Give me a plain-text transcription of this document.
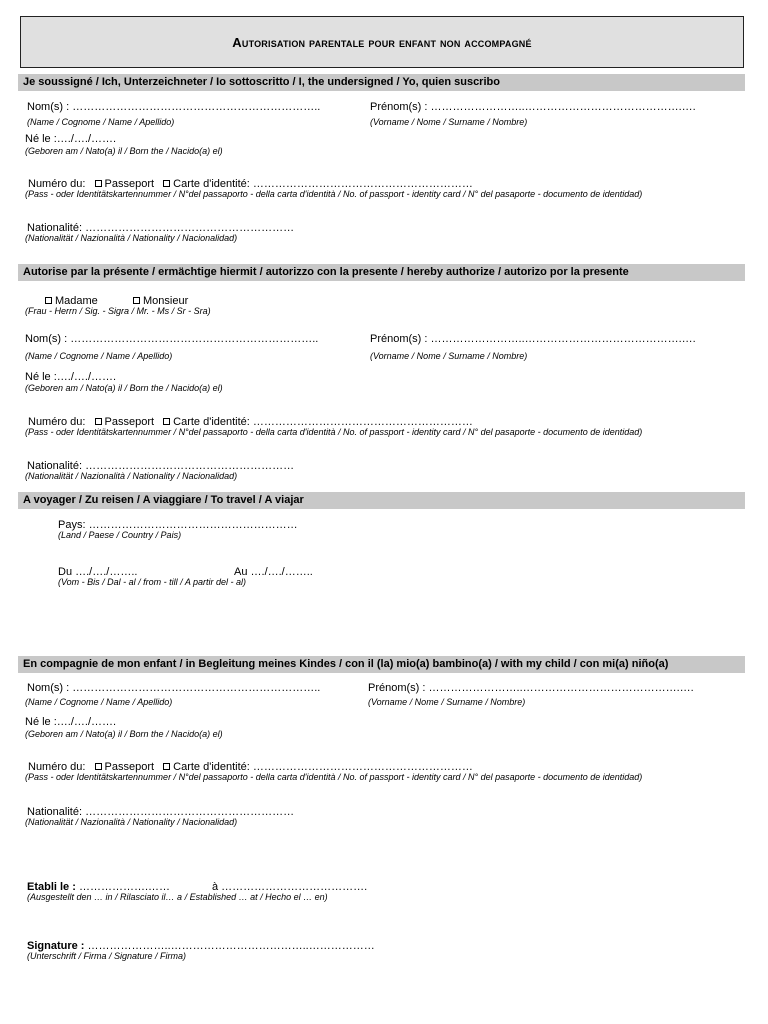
Autorisation parentale pour enfant non accompagné
Je soussigné / Ich, Unterzeichneter / Io sottoscritto / I, the undersigned / Yo, quien suscribo
Nom(s) : …………………………………………………………..
(Name / Cognome / Name / Apellido)
Prénom(s) : ……………………..…………………………………….….
(Vorname / Nome / Surname / Nombre)
Né le :…./…./…….
(Geboren am / Nato(a) il / Born the / Nacido(a) el)
Numéro du: Passeport Carte d'identité: ……………………………………………………
(Pass - oder Identitätskartennummer / N°del passaporto - della carta d'identità / No. of passport - identity card / N° del pasaporte - documento de identidad)
Nationalité: …………………………………………………
(Nationalität / Nazionalità / Nationality / Nacionalidad)
Autorise par la présente / ermächtige hiermit / autorizzo con la presente / hereby authorize / autorizo por la presente
Madame	Monsieur
(Frau - Herrn / Sig. - Sigra / Mr. - Ms / Sr - Sra)
Nom(s) : …………………………………………………………..
(Name / Cognome / Name / Apellido)
Prénom(s) : ……………………..…………………………………….….
(Vorname / Nome / Surname / Nombre)
Né le :…./…./…….
(Geboren am / Nato(a) il / Born the / Nacido(a) el)
Numéro du: Passeport Carte d'identité: ……………………………………………………
(Pass - oder Identitätskartennummer / N°del passaporto - della carta d'identità / No. of passport - identity card / N° del pasaporte - documento de identidad)
Nationalité: …………………………………………………
(Nationalität / Nazionalità / Nationality / Nacionalidad)
A voyager / Zu reisen / A viaggiare / To travel / A viajar
Pays: …………………………………………………
(Land / Paese / Country / Pais)
Du …./…./……..	Au …./…./……..
(Vom - Bis / Dal - al / from - till / A partir del - al)
En compagnie de mon enfant / in Begleitung meines Kindes / con il (la) mio(a) bambino(a) / with my child / con mi(a) niño(a)
Nom(s) : …………………………………………………………..
(Name / Cognome / Name / Apellido)
Prénom(s) : ……………………..…………………………………….….
(Vorname / Nome / Surname / Nombre)
Né le :…./…./…….
(Geboren am / Nato(a) il / Born the / Nacido(a) el)
Numéro du: Passeport Carte d'identité: ……………………………………………………
(Pass - oder Identitätskartennummer / N°del passaporto - della carta d'identità / No. of passport - identity card / N° del pasaporte - documento de identidad)
Nationalité: …………………………………………………
(Nationalität / Nazionalità / Nationality / Nacionalidad)
Etabli le : ……………….……	à ………………………………….
(Ausgestellt den … in / Rilasciato il… a / Established … at / Hecho el … en)
Signature : …………………..………………………………..………………
(Unterschrift / Firma / Signature / Firma)
